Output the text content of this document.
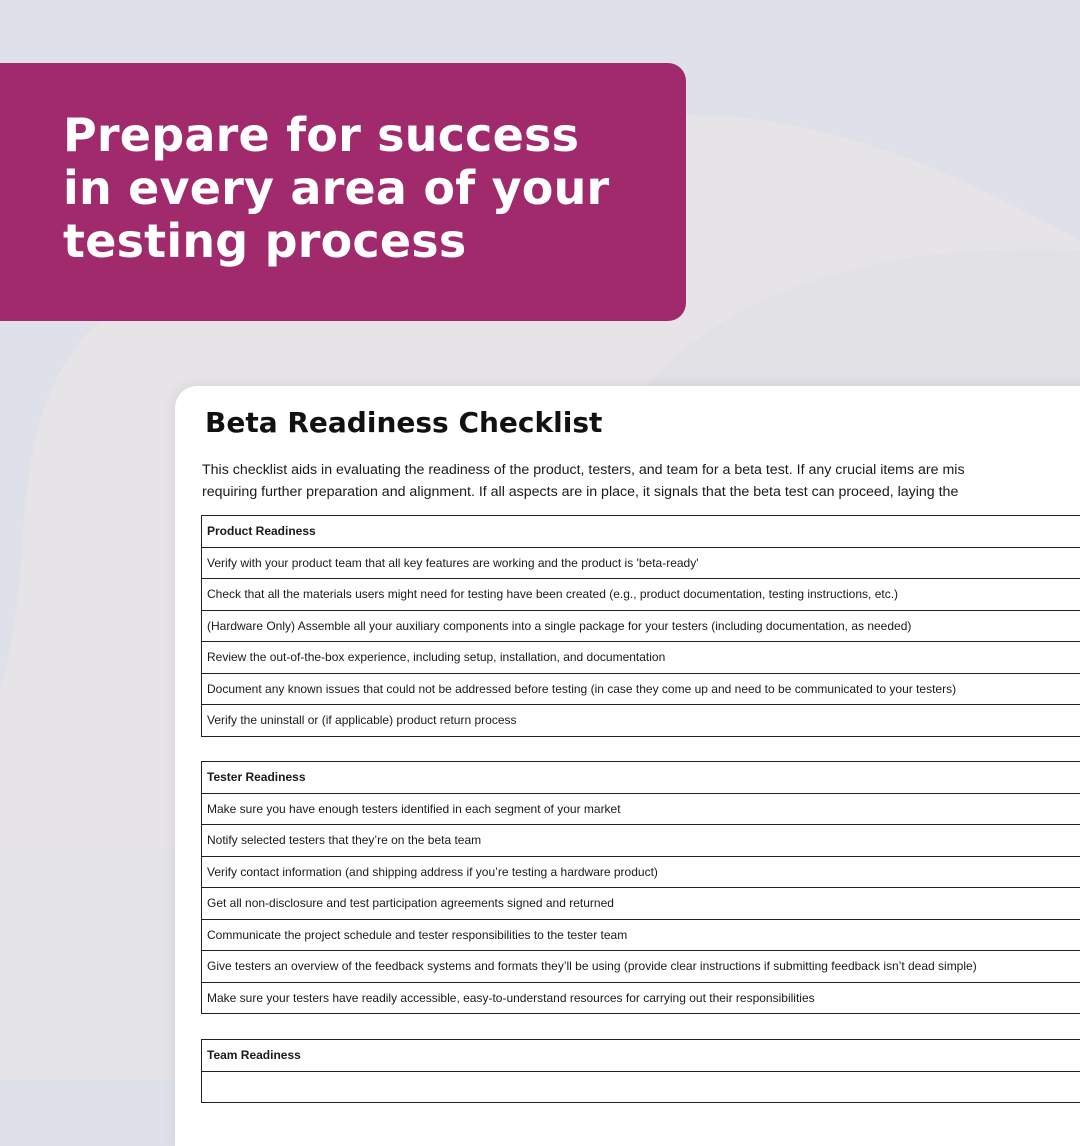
Prepare for success
in every area of your
testing process
Beta Readiness Checklist
This checklist aids in evaluating the readiness of the product, testers, and team for a beta test. If any crucial items are mis
requiring further preparation and alignment. If all aspects are in place, it signals that the beta test can proceed, laying the
Product Readiness
Verify with your product team that all key features are working and the product is 'beta-ready'
Check that all the materials users might need for testing have been created (e.g., product documentation, testing instructions, etc.)
(Hardware Only) Assemble all your auxiliary components into a single package for your testers (including documentation, as needed)
Review the out-of-the-box experience, including setup, installation, and documentation
Document any known issues that could not be addressed before testing (in case they come up and need to be communicated to your testers)
Verify the uninstall or (if applicable) product return process
Tester Readiness
Make sure you have enough testers identified in each segment of your market
Notify selected testers that they’re on the beta team
Verify contact information (and shipping address if you’re testing a hardware product)
Get all non-disclosure and test participation agreements signed and returned
Communicate the project schedule and tester responsibilities to the tester team
Give testers an overview of the feedback systems and formats they’ll be using (provide clear instructions if submitting feedback isn’t dead simple)
Make sure your testers have readily accessible, easy-to-understand resources for carrying out their responsibilities
Team Readiness
